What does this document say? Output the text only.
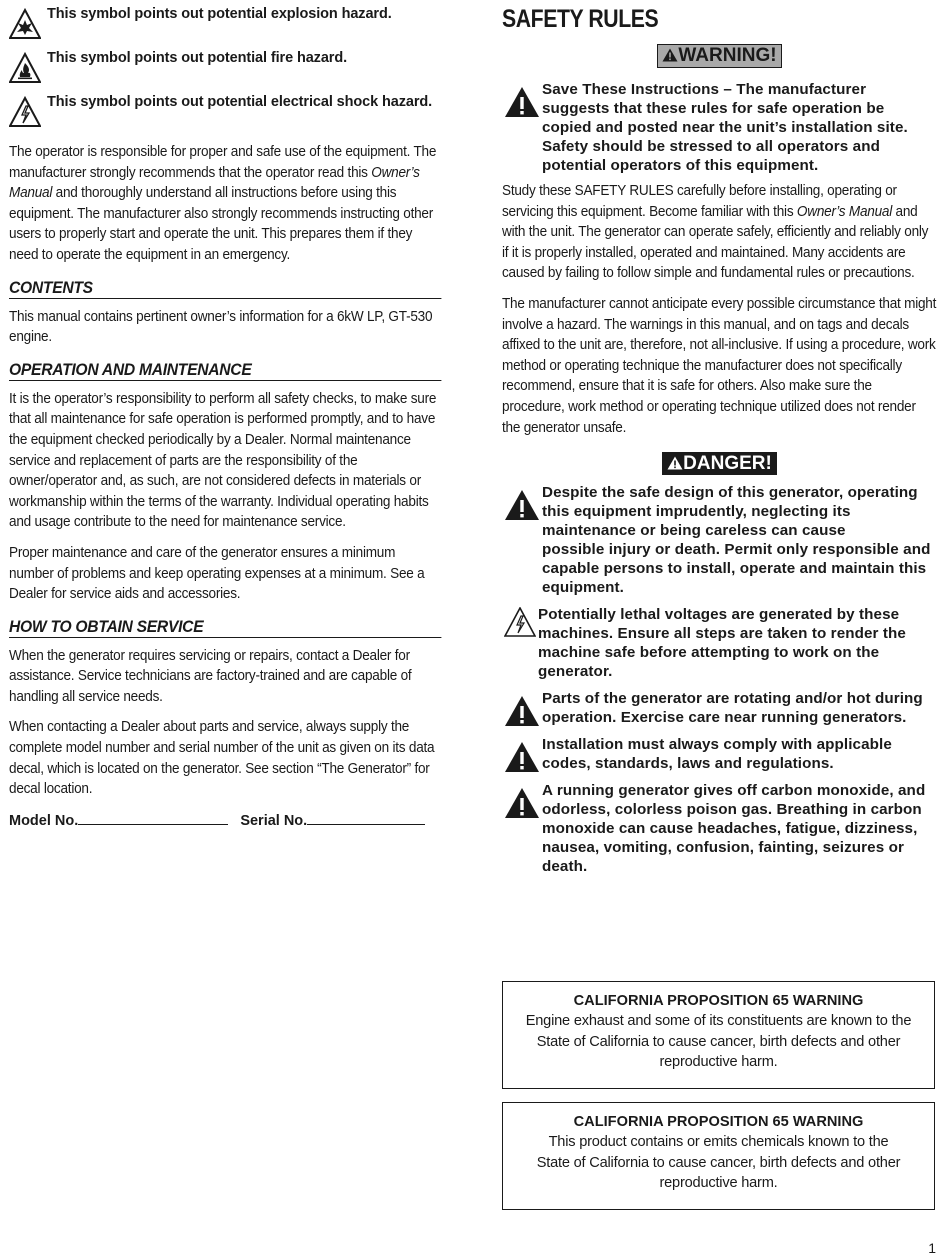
This symbol points out potential explosion hazard.
This symbol points out potential fire hazard.
This symbol points out potential electrical shock hazard.

The operator is responsible for proper and safe use of the equipment. The manufacturer strongly recommends that the operator read this Owner’s Manual and thoroughly understand all instructions before using this equipment. The manufacturer also strongly recommends instructing other users to properly start and operate the unit. This prepares them if they need to operate the equipment in an emergency.

CONTENTS

This manual contains pertinent owner’s information for a 6kW LP, GT-530 engine.

OPERATION AND MAINTENANCE

It is the operator’s responsibility to perform all safety checks, to make sure that all maintenance for safe operation is performed promptly, and to have the equipment checked periodically by a Dealer. Normal maintenance service and replacement of parts are the responsibility of the owner/operator and, as such, are not considered defects in materials or workmanship within the terms of the warranty. Individual operating habits and usage contribute to the need for maintenance service.

Proper maintenance and care of the generator ensures a minimum number of problems and keep operating expenses at a minimum. See a Dealer for service aids and accessories.

HOW TO OBTAIN SERVICE

When the generator requires servicing or repairs, contact a Dealer for assistance. Service technicians are factory-trained and are capable of handling all service needs.

When contacting a Dealer about parts and service, always supply the complete model number and serial number of the unit as given on its data decal, which is located on the generator. See section “The Generator” for decal location.

Model No.	Serial No.
SAFETY RULES
WARNING!
Save These Instructions – The manufacturer suggests that these rules for safe operation be copied and posted near the unit’s installation site. Safety should be stressed to all operators and potential operators of this equipment.

Study these SAFETY RULES carefully before installing, operating or servicing this equipment. Become familiar with this Owner’s Manual and with the unit. The generator can operate safely, efficiently and reliably only if it is properly installed, operated and maintained. Many accidents are caused by failing to follow simple and fundamental rules or precautions.

The manufacturer cannot anticipate every possible circumstance that might involve a hazard. The warnings in this manual, and on tags and decals affixed to the unit are, therefore, not all-inclusive. If using a procedure, work method or operating technique the manufacturer does not specifically recommend, ensure that it is safe for others. Also make sure the procedure, work method or operating technique utilized does not render the generator unsafe.

DANGER!
Despite the safe design of this generator, operating this equipment imprudently, neglecting its maintenance or being careless can cause
possible injury or death. Permit only responsible and capable persons to install, operate and maintain this equipment.
Potentially lethal voltages are generated by these machines. Ensure all steps are taken to render the machine safe before attempting to work on the generator.
Parts of the generator are rotating and/or hot during operation. Exercise care near running generators.
Installation must always comply with applicable codes, standards, laws and regulations.
A running generator gives off carbon monoxide, and odorless, colorless poison gas. Breathing in carbon monoxide can cause headaches, fatigue, dizziness, nausea, vomiting, confusion, fainting, seizures or death.
CALIFORNIA PROPOSITION 65 WARNING
Engine exhaust and some of its constituents are known to the State of California to cause cancer, birth defects and other reproductive harm.
CALIFORNIA PROPOSITION 65 WARNING
This product contains or emits chemicals known to the State of California to cause cancer, birth defects and other reproductive harm.
1
